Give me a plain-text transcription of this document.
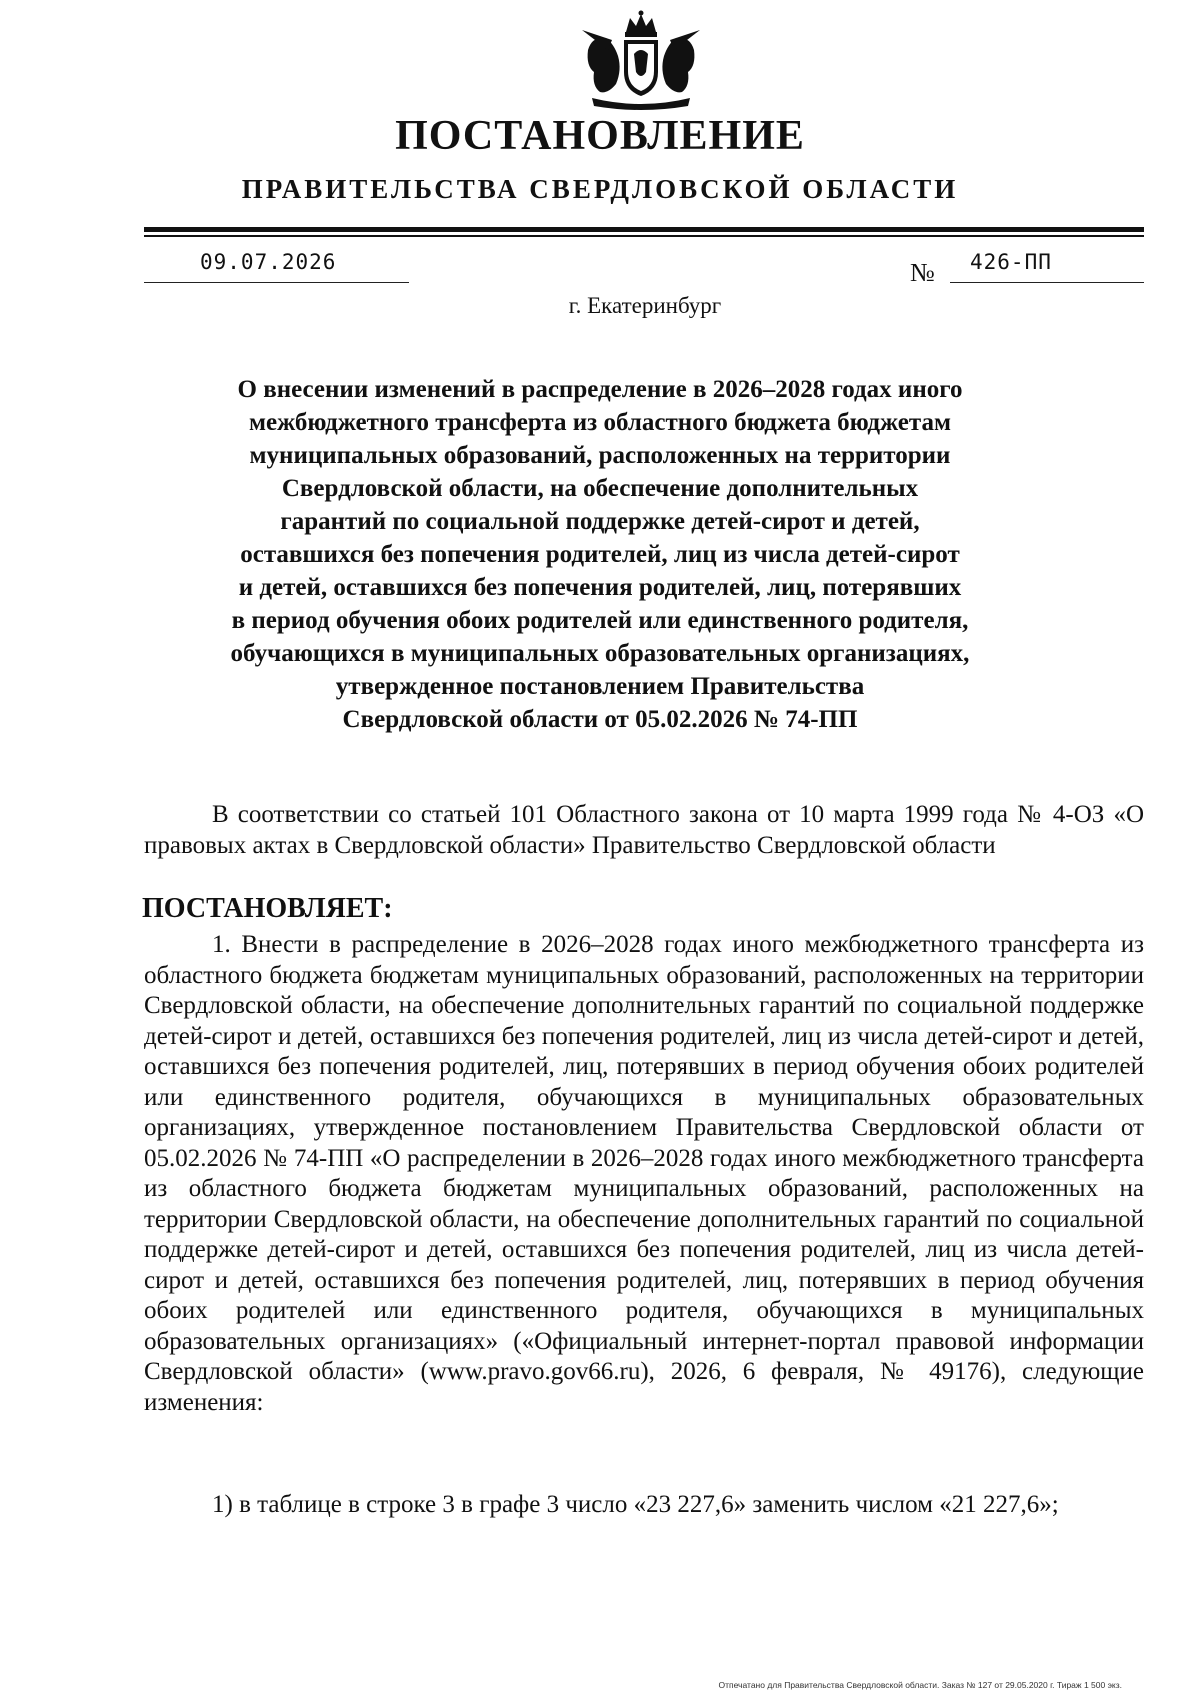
ПОСТАНОВЛЕНИЕ
ПРАВИТЕЛЬСТВА СВЕРДЛОВСКОЙ ОБЛАСТИ
09.07.2026	№ 426-ПП
г. Екатеринбург
О внесении изменений в распределение в 2026–2028 годах иного
межбюджетного трансферта из областного бюджета бюджетам
муниципальных образований, расположенных на территории
Свердловской области, на обеспечение дополнительных
гарантий по социальной поддержке детей-сирот и детей,
оставшихся без попечения родителей, лиц из числа детей-сирот
и детей, оставшихся без попечения родителей, лиц, потерявших
в период обучения обоих родителей или единственного родителя,
обучающихся в муниципальных образовательных организациях,
утвержденное постановлением Правительства
Свердловской области от 05.02.2026 № 74-ПП
В соответствии со статьей 101 Областного закона от 10 марта 1999 года № 4-ОЗ «О правовых актах в Свердловской области» Правительство Свердловской области
ПОСТАНОВЛЯЕТ:
1. Внести в распределение в 2026–2028 годах иного межбюджетного трансферта из областного бюджета бюджетам муниципальных образований, расположенных на территории Свердловской области, на обеспечение дополнительных гарантий по социальной поддержке детей-сирот и детей, оставшихся без попечения родителей, лиц из числа детей-сирот и детей, оставшихся без попечения родителей, лиц, потерявших в период обучения обоих родителей или единственного родителя, обучающихся в муниципальных образовательных организациях, утвержденное постановлением Правительства Свердловской области от 05.02.2026 № 74-ПП «О распределении в 2026–2028 годах иного межбюджетного трансферта из областного бюджета бюджетам муниципальных образований, расположенных на территории Свердловской области, на обеспечение дополнительных гарантий по социальной поддержке детей-сирот и детей, оставшихся без попечения родителей, лиц из числа детей-сирот и детей, оставшихся без попечения родителей, лиц, потерявших в период обучения обоих родителей или единственного родителя, обучающихся в муниципальных образовательных организациях» («Официальный интернет-портал правовой информации Свердловской области» (www.pravo.gov66.ru), 2026, 6 февраля, № 49176), следующие изменения:
1) в таблице в строке 3 в графе 3 число «23 227,6» заменить числом «21 227,6»;
Отпечатано для Правительства Свердловской области. Заказ № 127 от 29.05.2020 г. Тираж 1 500 экз.
